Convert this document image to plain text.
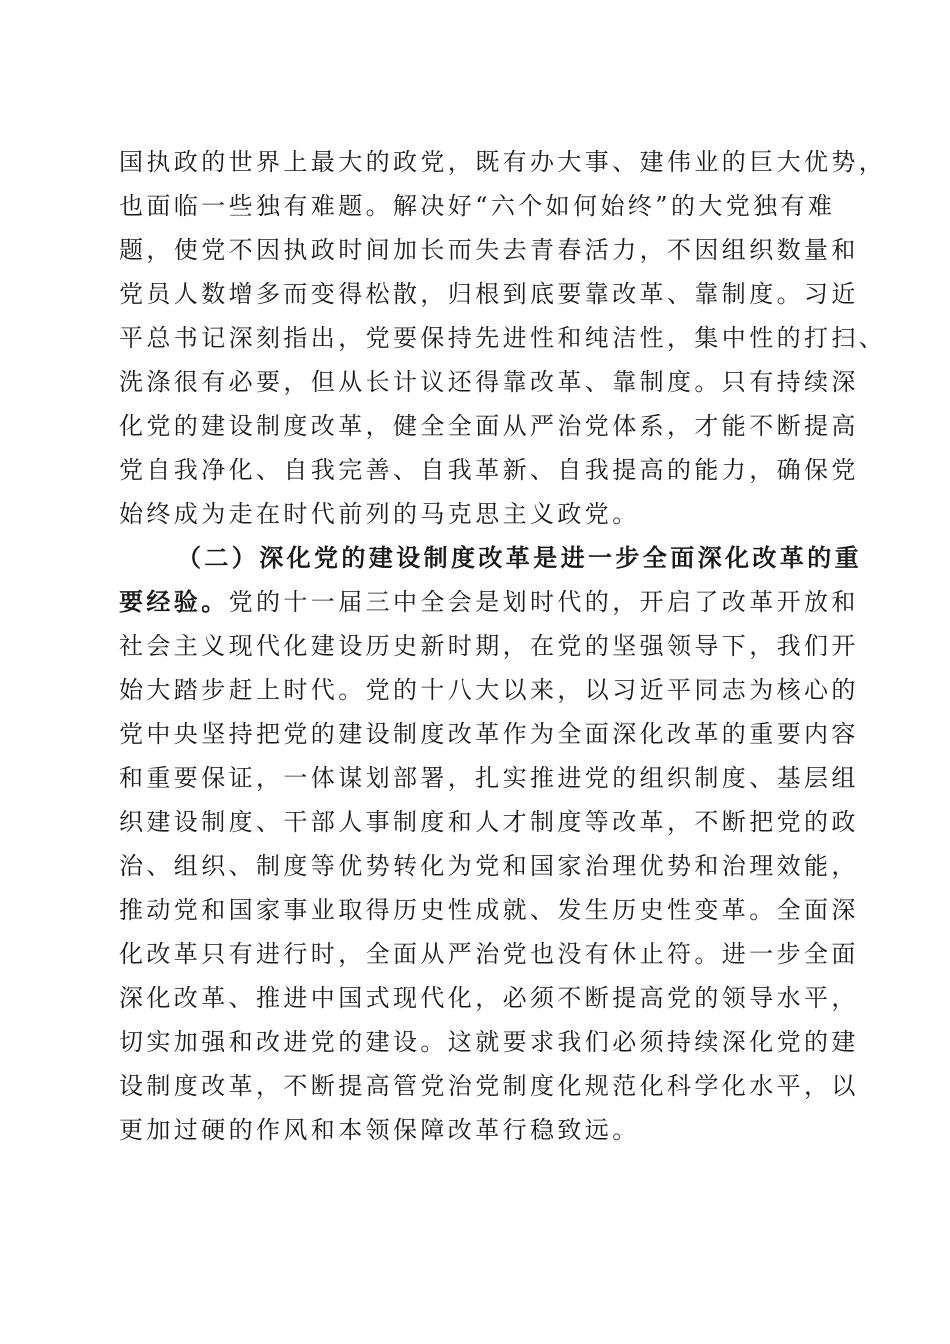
国执政的世界上最大的政党，既有办大事、建伟业的巨大优势，
也面临一些独有难题。解决好“六个如何始终”的大党独有难
题，使党不因执政时间加长而失去青春活力，不因组织数量和
党员人数增多而变得松散，归根到底要靠改革、靠制度。习近
平总书记深刻指出，党要保持先进性和纯洁性，集中性的打扫、
洗涤很有必要，但从长计议还得靠改革、靠制度。只有持续深
化党的建设制度改革，健全全面从严治党体系，才能不断提高
党自我净化、自我完善、自我革新、自我提高的能力，确保党
始终成为走在时代前列的马克思主义政党。
（二）深化党的建设制度改革是进一步全面深化改革的重
要经验。党的十一届三中全会是划时代的，开启了改革开放和
社会主义现代化建设历史新时期，在党的坚强领导下，我们开
始大踏步赶上时代。党的十八大以来，以习近平同志为核心的
党中央坚持把党的建设制度改革作为全面深化改革的重要内容
和重要保证，一体谋划部署，扎实推进党的组织制度、基层组
织建设制度、干部人事制度和人才制度等改革，不断把党的政
治、组织、制度等优势转化为党和国家治理优势和治理效能，
推动党和国家事业取得历史性成就、发生历史性变革。全面深
化改革只有进行时，全面从严治党也没有休止符。进一步全面
深化改革、推进中国式现代化，必须不断提高党的领导水平，
切实加强和改进党的建设。这就要求我们必须持续深化党的建
设制度改革，不断提高管党治党制度化规范化科学化水平，以
更加过硬的作风和本领保障改革行稳致远。
